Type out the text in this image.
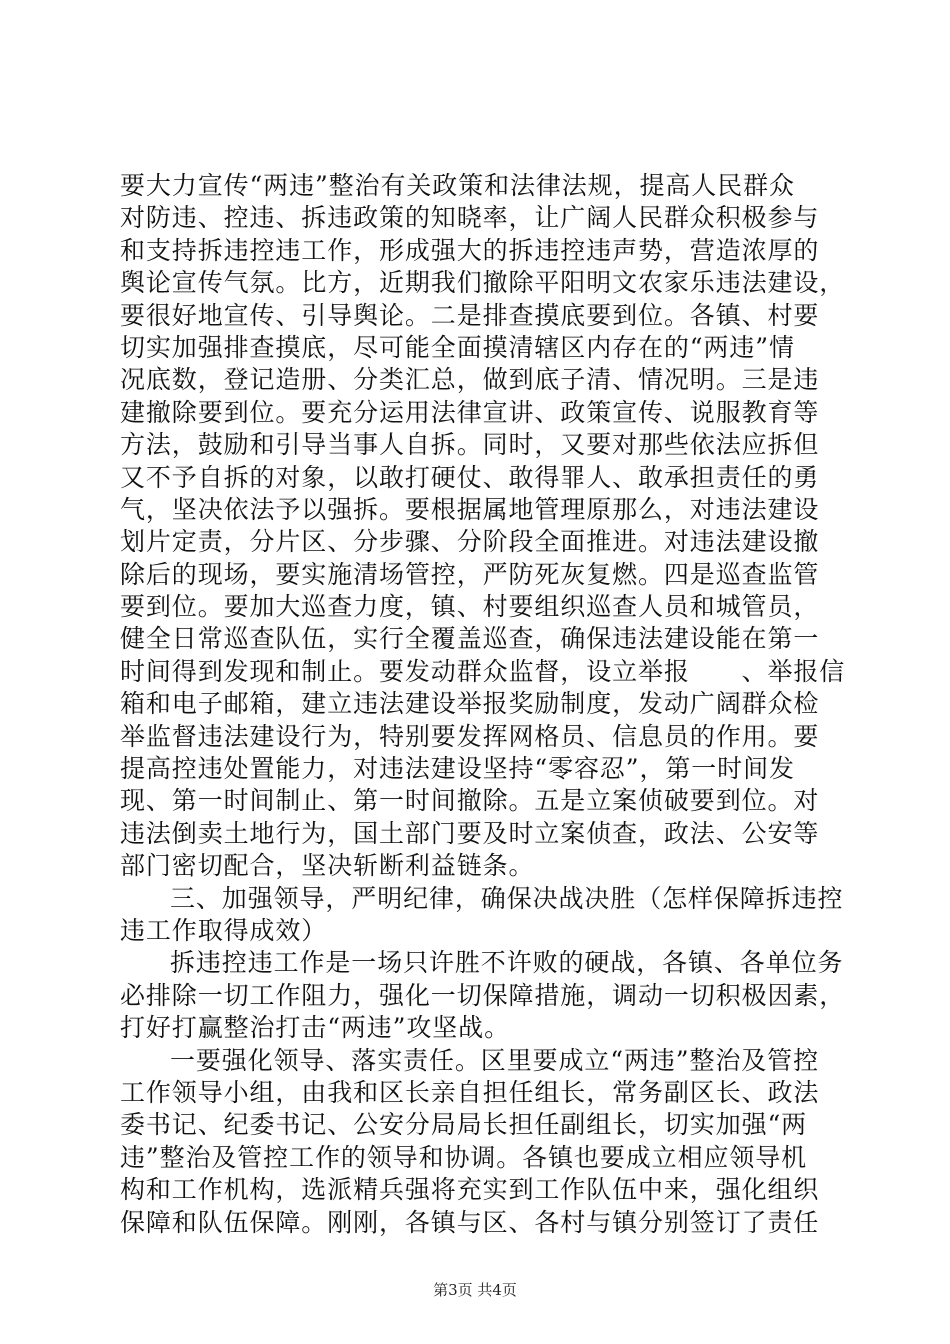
要大力宣传“两违”整治有关政策和法律法规，提高人民群众
对防违、控违、拆违政策的知晓率，让广阔人民群众积极参与
和支持拆违控违工作，形成强大的拆违控违声势，营造浓厚的
舆论宣传气氛。比方，近期我们撤除平阳明文农家乐违法建设，
要很好地宣传、引导舆论。二是排查摸底要到位。各镇、村要
切实加强排查摸底，尽可能全面摸清辖区内存在的“两违”情
况底数，登记造册、分类汇总，做到底子清、情况明。三是违
建撤除要到位。要充分运用法律宣讲、政策宣传、说服教育等
方法，鼓励和引导当事人自拆。同时，又要对那些依法应拆但
又不予自拆的对象，以敢打硬仗、敢得罪人、敢承担责任的勇
气，坚决依法予以强拆。要根据属地管理原那么，对违法建设
划片定责，分片区、分步骤、分阶段全面推进。对违法建设撤
除后的现场，要实施清场管控，严防死灰复燃。四是巡查监管
要到位。要加大巡查力度，镇、村要组织巡查人员和城管员，
健全日常巡查队伍，实行全覆盖巡查，确保违法建设能在第一
时间得到发现和制止。要发动群众监督，设立举报　　、举报信
箱和电子邮箱，建立违法建设举报奖励制度，发动广阔群众检
举监督违法建设行为，特别要发挥网格员、信息员的作用。要
提高控违处置能力，对违法建设坚持“零容忍”，第一时间发
现、第一时间制止、第一时间撤除。五是立案侦破要到位。对
违法倒卖土地行为，国土部门要及时立案侦查，政法、公安等
部门密切配合，坚决斩断利益链条。
三、加强领导，严明纪律，确保决战决胜（怎样保障拆违控
违工作取得成效）
拆违控违工作是一场只许胜不许败的硬战，各镇、各单位务
必排除一切工作阻力，强化一切保障措施，调动一切积极因素，
打好打赢整治打击“两违”攻坚战。
一要强化领导、落实责任。区里要成立“两违”整治及管控
工作领导小组，由我和区长亲自担任组长，常务副区长、政法
委书记、纪委书记、公安分局局长担任副组长，切实加强“两
违”整治及管控工作的领导和协调。各镇也要成立相应领导机
构和工作机构，选派精兵强将充实到工作队伍中来，强化组织
保障和队伍保障。刚刚，各镇与区、各村与镇分别签订了责任
第3页 共4页
